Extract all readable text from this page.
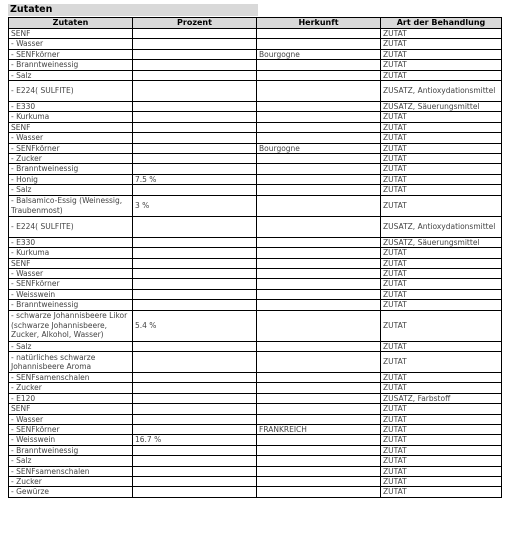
Zutaten
Zutaten	Prozent	Herkunft	Art der Behandlung
SENF			ZUTAT
- Wasser			ZUTAT
- SENFkörner		Bourgogne	ZUTAT
- Branntweinessig			ZUTAT
- Salz			ZUTAT
- E224( SULFITE)			ZUSATZ, Antioxydationsmittel
- E330			ZUSATZ, Säuerungsmittel
- Kurkuma			ZUTAT
SENF			ZUTAT
- Wasser			ZUTAT
- SENFkörner		Bourgogne	ZUTAT
- Zucker			ZUTAT
- Branntweinessig			ZUTAT
- Honig	7.5 %		ZUTAT
- Salz			ZUTAT
- Balsamico-Essig (Weinessig, Traubenmost)	3 %		ZUTAT
- E224( SULFITE)			ZUSATZ, Antioxydationsmittel
- E330			ZUSATZ, Säuerungsmittel
- Kurkuma			ZUTAT
SENF			ZUTAT
- Wasser			ZUTAT
- SENFkörner			ZUTAT
- Weisswein			ZUTAT
- Branntweinessig			ZUTAT
- schwarze Johannisbeere Likor (schwarze Johannisbeere, Zucker, Alkohol, Wasser)	5.4 %		ZUTAT
- Salz			ZUTAT
- natürliches schwarze Johannisbeere Aroma			ZUTAT
- SENFsamenschalen			ZUTAT
- Zucker			ZUTAT
- E120			ZUSATZ, Farbstoff
SENF			ZUTAT
- Wasser			ZUTAT
- SENFkörner		FRANKREICH	ZUTAT
- Weisswein	16.7 %		ZUTAT
- Branntweinessig			ZUTAT
- Salz			ZUTAT
- SENFsamenschalen			ZUTAT
- Zucker			ZUTAT
- Gewürze			ZUTAT
